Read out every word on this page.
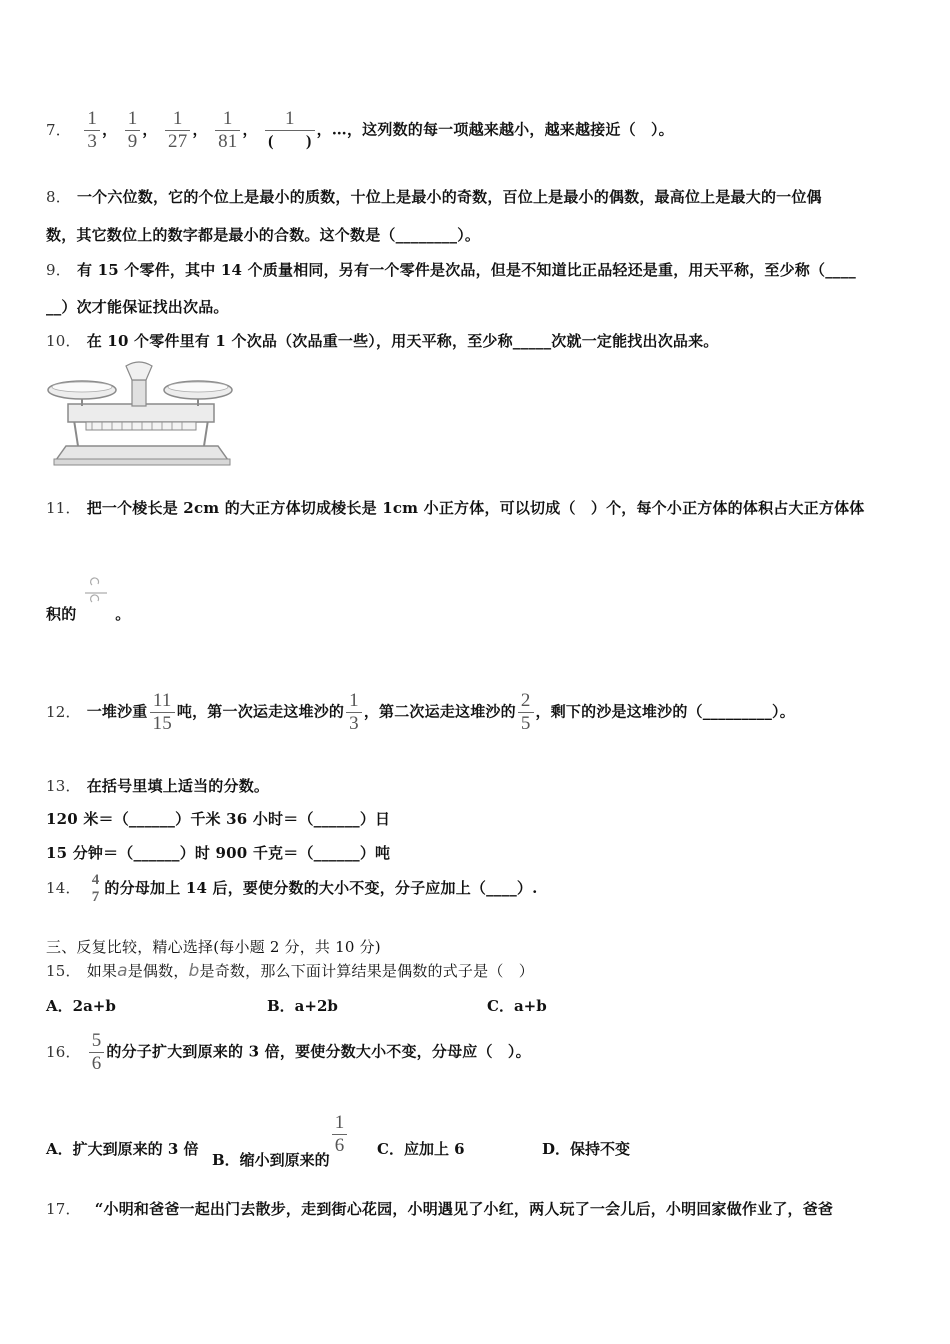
7． $\frac{1}{3}$ ， $\frac{1}{9}$ ， $\frac{1}{27}$ ， $\frac{1}{81}$ ， $\frac{1}{( )}$ ，…，这列数的每一项越来越小，越来越接近（　）。
8． 一个六位数，它的个位上是最小的质数，十位上是最小的奇数，百位上是最小的偶数，最高位上是最大的一位偶
数，其它数位上的数字都是最小的合数。这个数是（________）。
9． 有 15 个零件，其中 14 个质量相同，另有一个零件是次品，但是不知道比正品轻还是重，用天平称，至少称（____
__）次才能保证找出次品。
10． 在 10 个零件里有 1 个次品（次品重一些），用天平称，至少称_____次就一定能找出次品来。
11． 把一个棱长是 2cm 的大正方体切成棱长是 1cm 小正方体，可以切成（　）个，每个小正方体的体积占大正方体体
积的	。
12． 一堆沙重 $\frac{11}{15}$ 吨，第一次运走这堆沙的 $\frac{1}{3}$ ，第二次运走这堆沙的 $\frac{2}{5}$ ，剩下的沙是这堆沙的（_________）。
13． 在括号里填上适当的分数。
120 米＝（______）千米 36 小时＝（______）日
15 分钟＝（______）时 900 千克＝（______）吨
14． 4
7 的分母加上 14 后，要使分数的大小不变，分子应加上（____）.
三、反复比较，精心选择(每小题 2 分，共 10 分)
15． 如果a是偶数，b是奇数，那么下面计算结果是偶数的式子是（　）
A．2a+b	B．a+2b	C．a+b
16． $\frac{5}{6}$ 的分子扩大到原来的 3 倍，要使分数大小不变，分母应（　）。
A．扩大到原来的 3 倍
B．缩小到原来的
$\frac{1}{6}$ C．应加上 6	D．保持不变
17． “小明和爸爸一起出门去散步，走到街心花园，小明遇见了小红，两人玩了一会儿后，小明回家做作业了，爸爸
